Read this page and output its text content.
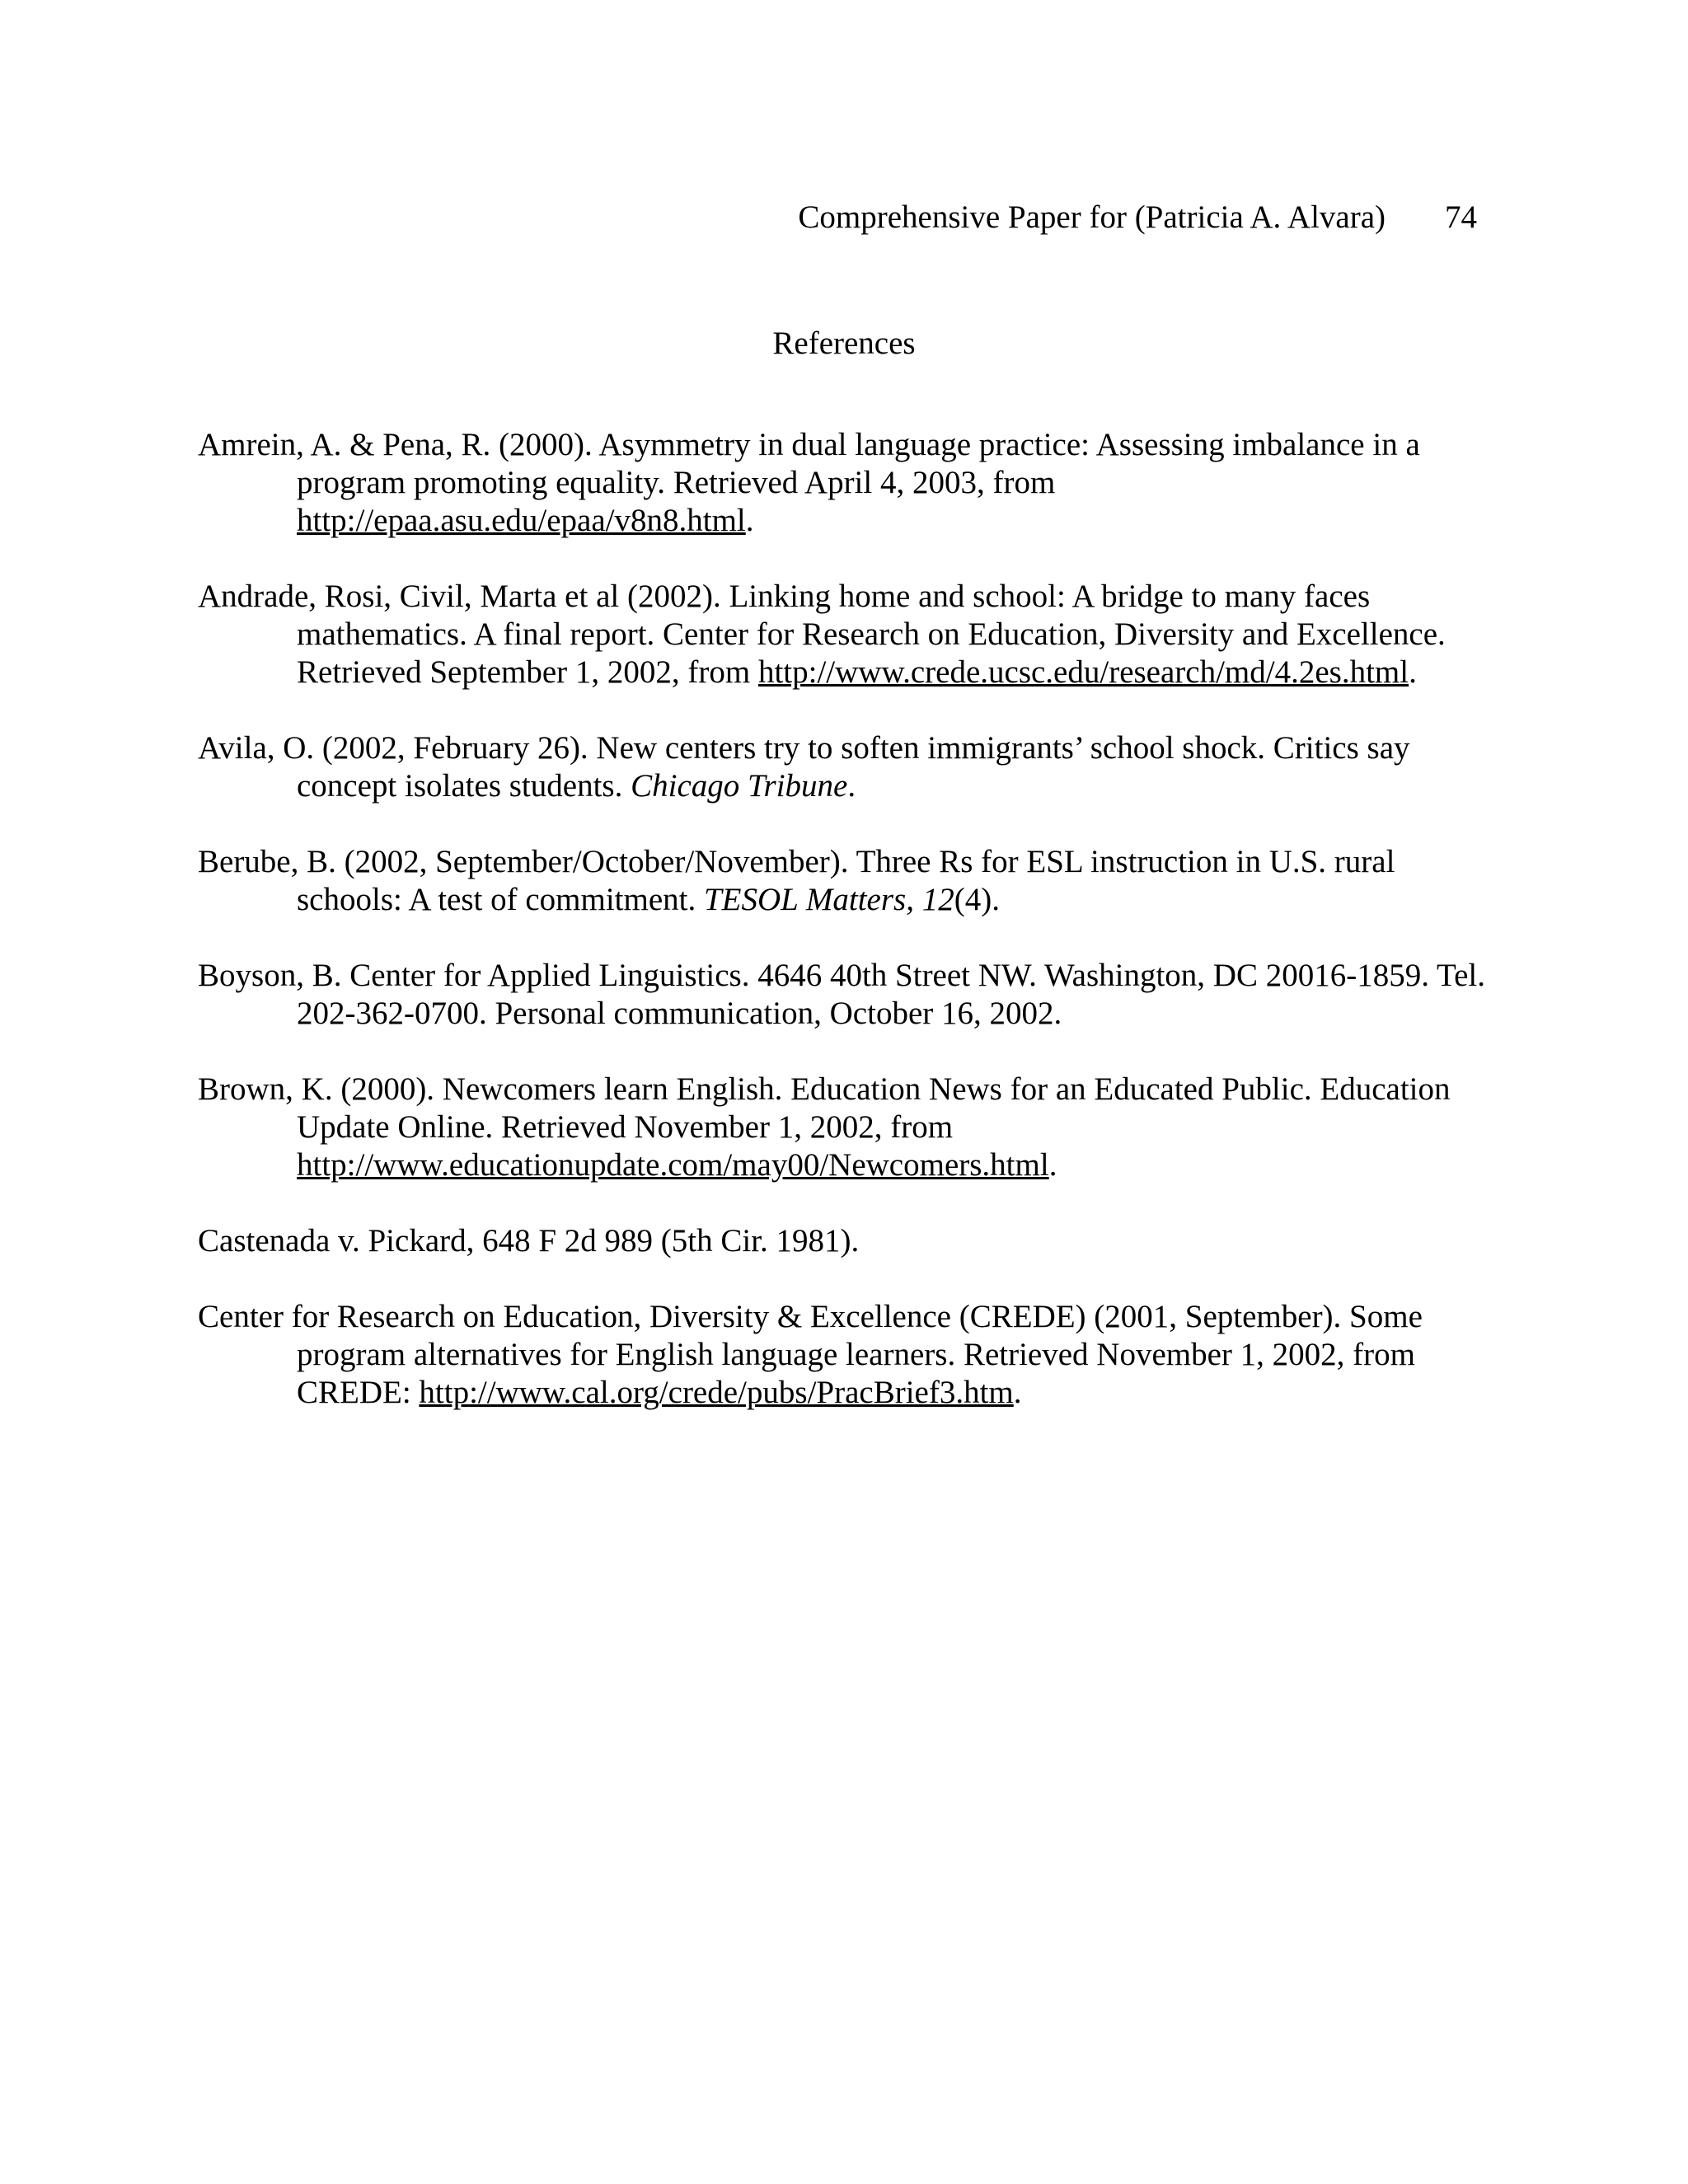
Comprehensive Paper for (Patricia A. Alvara) 74
References

Amrein, A. & Pena, R. (2000). Asymmetry in dual language practice: Assessing imbalance in a program promoting equality. Retrieved April 4, 2003, from http://epaa.asu.edu/epaa/v8n8.html.

Andrade, Rosi, Civil, Marta et al (2002). Linking home and school: A bridge to many faces mathematics. A final report. Center for Research on Education, Diversity and Excellence. Retrieved September 1, 2002, from http://www.crede.ucsc.edu/research/md/4.2es.html.

Avila, O. (2002, February 26). New centers try to soften immigrants’ school shock. Critics say concept isolates students. Chicago Tribune.

Berube, B. (2002, September/October/November). Three Rs for ESL instruction in U.S. rural schools: A test of commitment. TESOL Matters, 12(4).

Boyson, B. Center for Applied Linguistics. 4646 40th Street NW. Washington, DC 20016-1859. Tel. 202-362-0700. Personal communication, October 16, 2002.

Brown, K. (2000). Newcomers learn English. Education News for an Educated Public. Education Update Online. Retrieved November 1, 2002, from http://www.educationupdate.com/may00/Newcomers.html.

Castenada v. Pickard, 648 F 2d 989 (5th Cir. 1981).

Center for Research on Education, Diversity & Excellence (CREDE) (2001, September). Some program alternatives for English language learners. Retrieved November 1, 2002, from CREDE: http://www.cal.org/crede/pubs/PracBrief3.htm.
